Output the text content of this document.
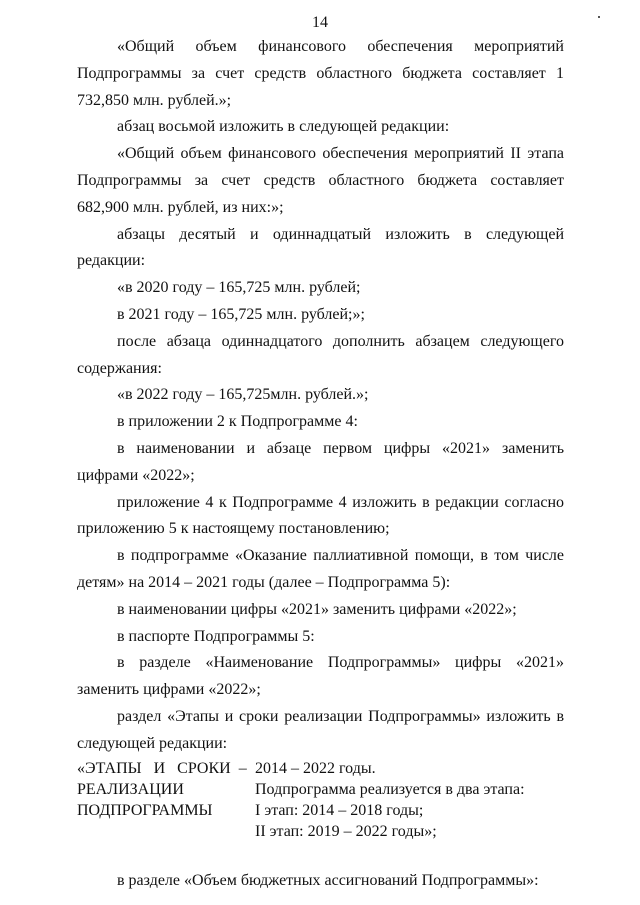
14

«Общий объем финансового обеспечения мероприятий Подпрограммы за счет средств областного бюджета составляет 1 732,850 млн. рублей.»;

абзац восьмой изложить в следующей редакции:

«Общий объем финансового обеспечения мероприятий II этапа Подпрограммы за счет средств областного бюджета составляет 682,900 млн. рублей, из них:»;

абзацы десятый и одиннадцатый изложить в следующей редакции:

«в 2020 году – 165,725 млн. рублей;

в 2021 году – 165,725 млн. рублей;»;

после абзаца одиннадцатого дополнить абзацем следующего содержания:

«в 2022 году – 165,725млн. рублей.»;

в приложении 2 к Подпрограмме 4:

в наименовании и абзаце первом цифры «2021» заменить цифрами «2022»;

приложение 4 к Подпрограмме 4 изложить в редакции согласно приложению 5 к настоящему постановлению;

в подпрограмме «Оказание паллиативной помощи, в том числе детям» на 2014 – 2021 годы (далее – Подпрограмма 5):

в наименовании цифры «2021» заменить цифрами «2022»;

в паспорте Подпрограммы 5:

в разделе «Наименование Подпрограммы» цифры «2021» заменить цифрами «2022»;

раздел «Этапы и сроки реализации Подпрограммы» изложить в следующей редакции:

«ЭТАПЫ   И   СРОКИ  –
РЕАЛИЗАЦИИ
ПОДПРОГРАММЫ
2014 – 2022 годы.
Подпрограмма реализуется в два этапа:
I этап: 2014 – 2018 годы;
II этап: 2019 – 2022 годы»;

в разделе «Объем бюджетных ассигнований Подпрограммы»:
